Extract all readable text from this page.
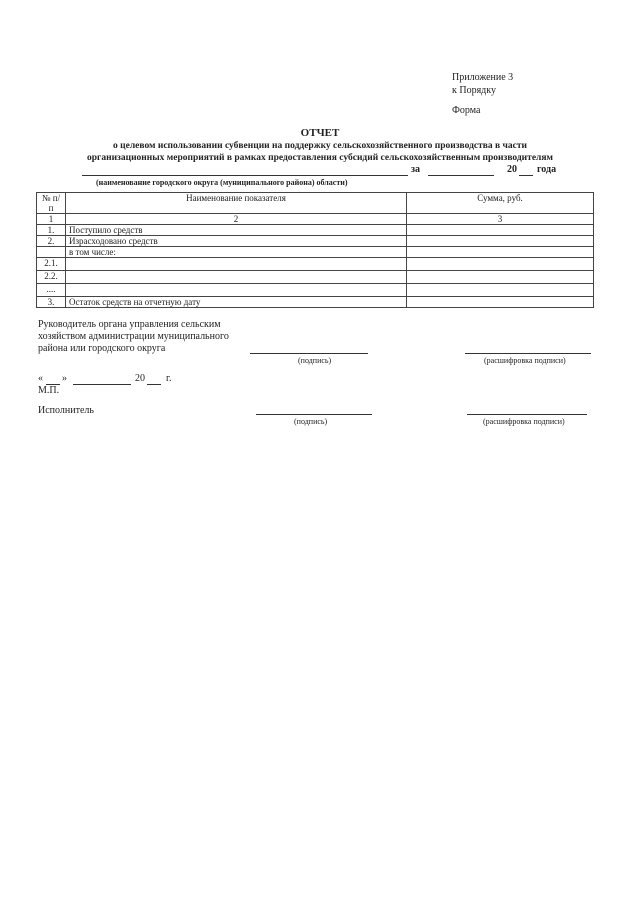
Приложение 3
к Порядку
Форма
ОТЧЕТ
о целевом использовании субвенции на поддержку сельскохозяйственного производства в части
организационных мероприятий в рамках предоставления субсидий сельскохозяйственным производителям
за	20 года
(наименование городского округа (муниципального района) области)
№ п/п	Наименование показателя	Сумма, руб.
1	2	3
1.	Поступило средств	
2.	Израсходовано средств	
	в том числе:	
2.1.		
2.2.		
....		
3.	Остаток средств на отчетную дату	
Руководитель органа управления сельским
хозяйством администрации муниципального
района или городского округа
(подпись)	(расшифровка подписи)
« »	20 г.
М.П.
Исполнитель
(подпись)	(расшифровка подписи)
